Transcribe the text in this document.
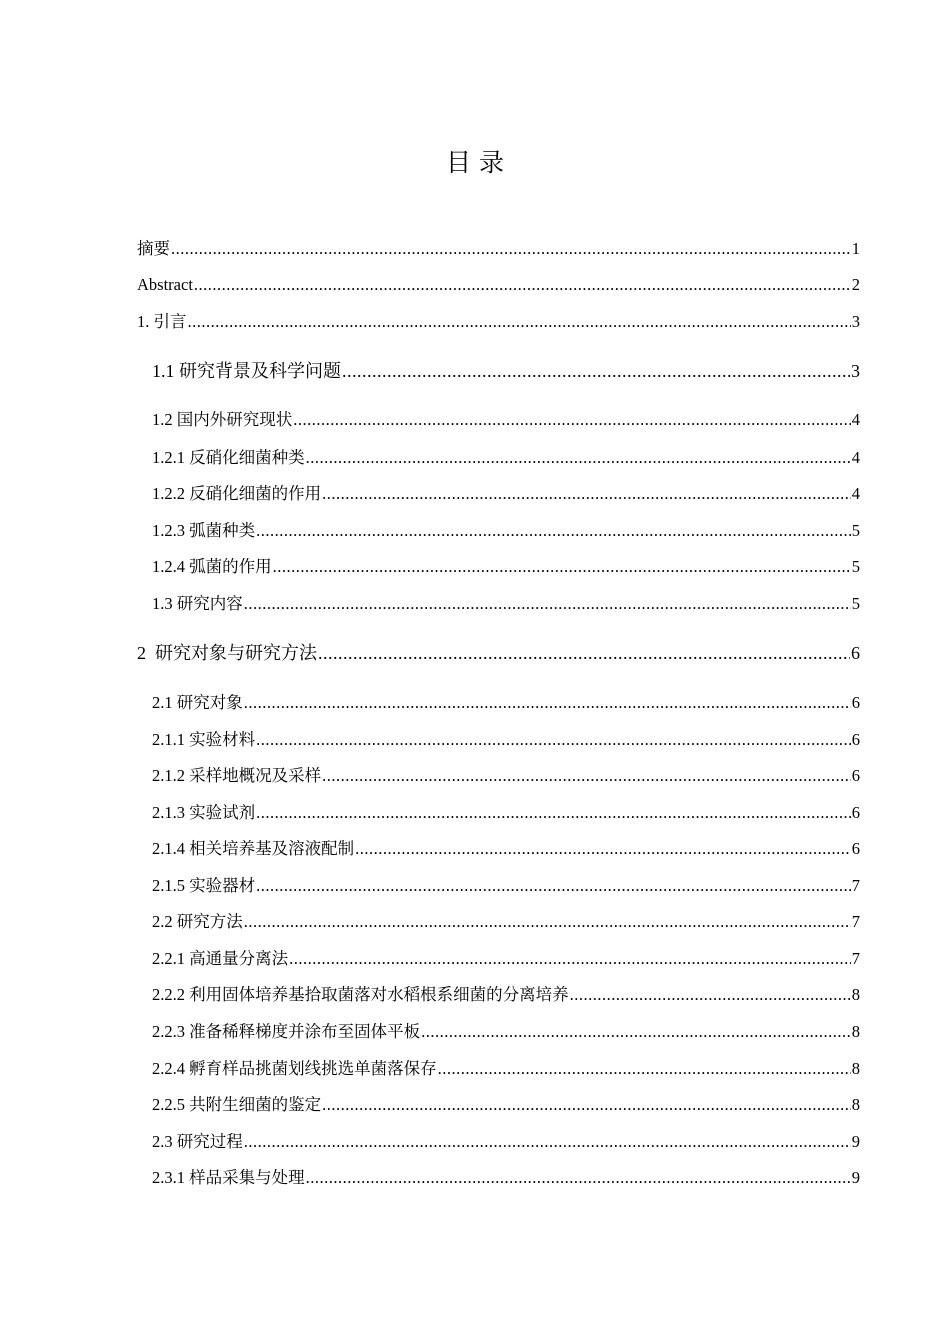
目 录
摘要 .....	1
Abstract .....	2
1. 引言 .....	3
1.1 研究背景及科学问题 .....	3
1.2 国内外研究现状 .....	4
1.2.1 反硝化细菌种类 .....	4
1.2.2 反硝化细菌的作用 .....	4
1.2.3 弧菌种类 .....	5
1.2.4 弧菌的作用 .....	5
1.3 研究内容 .....	5
2  研究对象与研究方法 .....	6
2.1 研究对象 .....	6
2.1.1 实验材料 .....	6
2.1.2 采样地概况及采样 .....	6
2.1.3 实验试剂 .....	6
2.1.4 相关培养基及溶液配制 .....	6
2.1.5 实验器材 .....	7
2.2 研究方法 .....	7
2.2.1 高通量分离法 .....	7
2.2.2 利用固体培养基拾取菌落对水稻根系细菌的分离培养 .....	8
2.2.3 准备稀释梯度并涂布至固体平板 .....	8
2.2.4 孵育样品挑菌划线挑选单菌落保存 .....	8
2.2.5 共附生细菌的鉴定 .....	8
2.3 研究过程 .....	9
2.3.1 样品采集与处理 .....	9
